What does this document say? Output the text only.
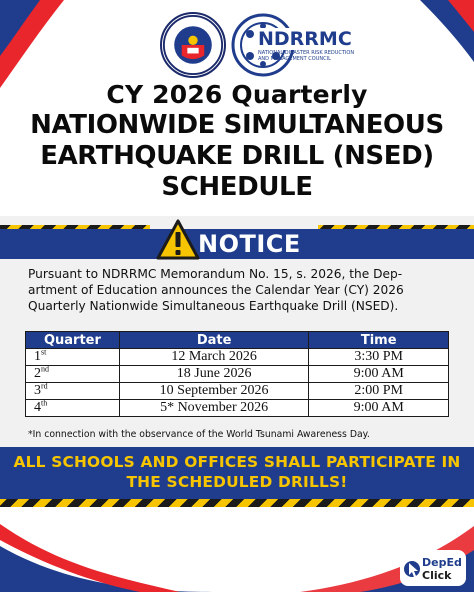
NDRRMC
NATIONAL DISASTER RISK REDUCTION
AND MANAGEMENT COUNCIL
CY 2026 Quarterly
NATIONWIDE SIMULTANEOUS
EARTHQUAKE DRILL (NSED)
SCHEDULE
NOTICE
Pursuant to NDRRMC Memorandum No. 15, s. 2026, the Dep-
artment of Education announces the Calendar Year (CY) 2026
Quarterly Nationwide Simultaneous Earthquake Drill (NSED).
Quarter	Date	Time
1st	12 March 2026	3:30 PM
2nd	18 June 2026	9:00 AM
3rd	10 September 2026	2:00 PM
4th	5* November 2026	9:00 AM
*In connection with the observance of the World Tsunami Awareness Day.
ALL SCHOOLS AND OFFICES SHALL PARTICIPATE IN
THE SCHEDULED DRILLS!
DepEd
Click
